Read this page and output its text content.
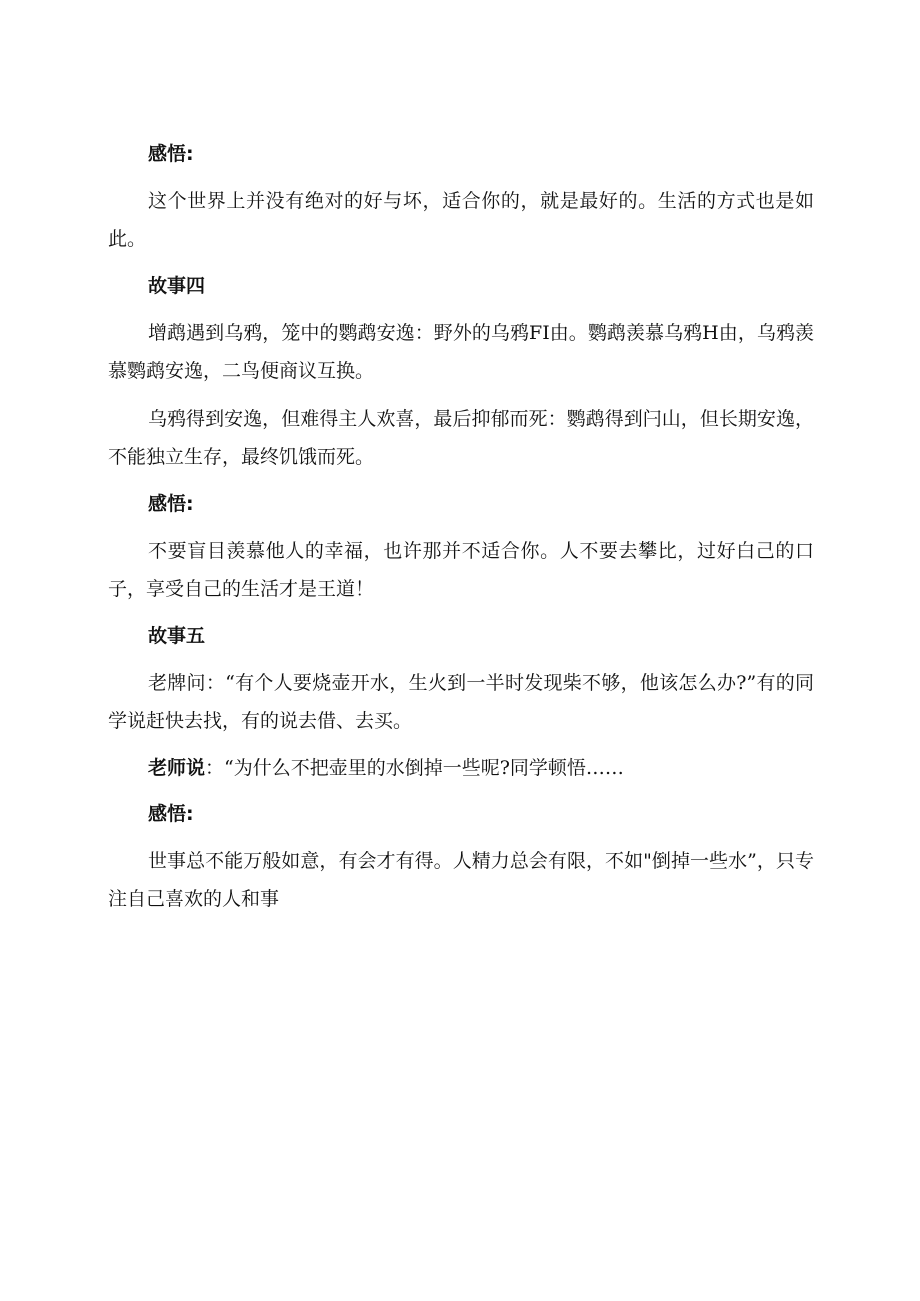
感悟:
这个世界上并没有绝对的好与坏，适合你的，就是最好的。生活的方式也是如此。
故事四
增鹉遇到乌鸦，笼中的鹦鹉安逸：野外的乌鸦FI由。鹦鹉羡慕乌鸦H由，乌鸦羡慕鹦鹉安逸，二鸟便商议互换。
乌鸦得到安逸，但难得主人欢喜，最后抑郁而死：鹦鹉得到闩山，但长期安逸，不能独立生存，最终饥饿而死。
感悟:
不要盲目羡慕他人的幸福，也许那并不适合你。人不要去攀比，过好白己的口子，享受自己的生活才是王道！
故事五
老牌问：“有个人要烧壶开水，生火到一半时发现柴不够，他该怎么办?”有的同学说赶快去找，有的说去借、去买。
老师说：“为什么不把壶里的水倒掉一些呢?同学顿悟……
感悟:
世事总不能万般如意，有会才有得。人精力总会有限，不如"倒掉一些水”，只专注自己喜欢的人和事
